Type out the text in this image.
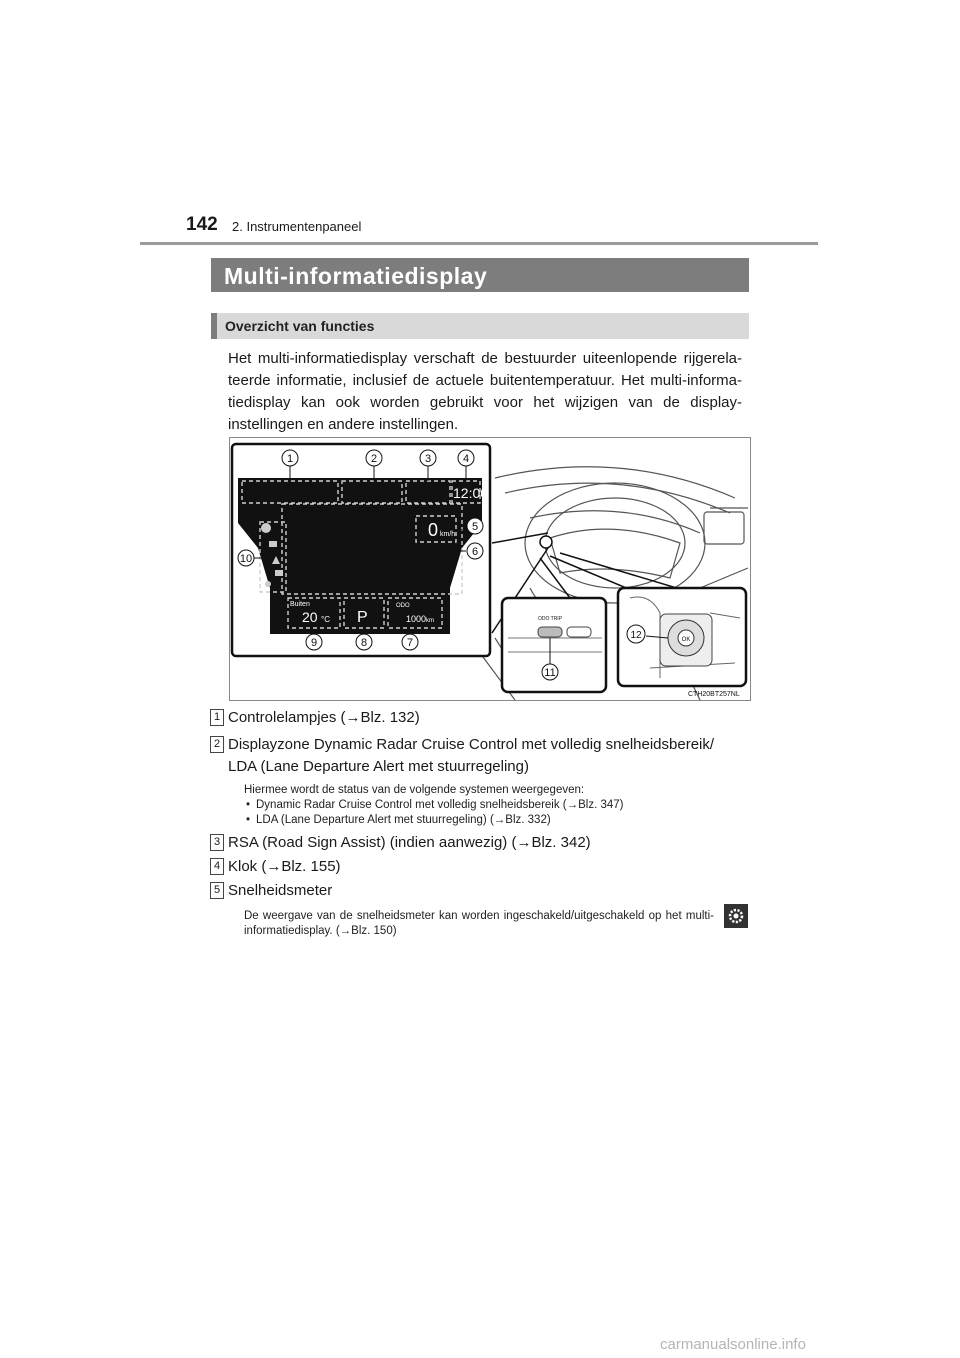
142 2. Instrumentenpaneel
Multi-informatiedisplay
Overzicht van functies
Het multi-informatiedisplay verschaft de bestuurder uiteenlopende rijgerelateerde informatie, inclusief de actuele buitentemperatuur. Het multi-informatiedisplay kan ook worden gebruikt voor het wijzigen van de displayinstellingen en andere instellingen.
12:00
0 km/h
Buiten
20 °C P
ODO
1000 km
1	2	3	4
5
6
7
8
9
10
ODO TRIP
11
OK
12
CTH20BT257NL
1 Controlelampjes (→Blz. 132)
2 Displayzone Dynamic Radar Cruise Control met volledig snelheidsbereik/
LDA (Lane Departure Alert met stuurregeling)
Hiermee wordt de status van de volgende systemen weergegeven:
• Dynamic Radar Cruise Control met volledig snelheidsbereik (→Blz. 347)
• LDA (Lane Departure Alert met stuurregeling) (→Blz. 332)
3 RSA (Road Sign Assist) (indien aanwezig) (→Blz. 342)
4 Klok (→Blz. 155)
5 Snelheidsmeter
De weergave van de snelheidsmeter kan worden ingeschakeld/uitgeschakeld op het multi-informatiedisplay. (→Blz. 150)
carmanualsonline.info
